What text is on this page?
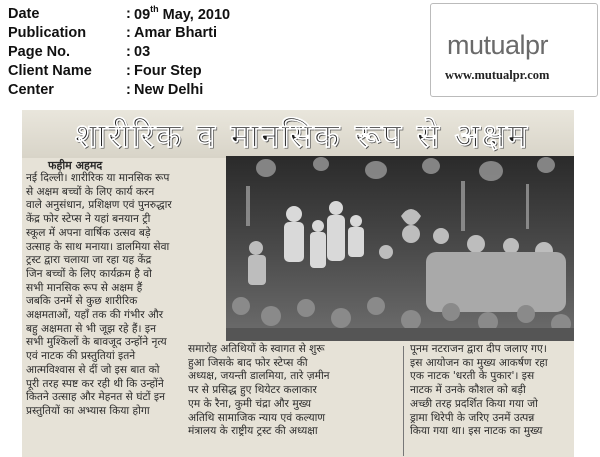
Date	: 09th May, 2010
Publication	: Amar Bharti
Page No.	: 03
Client Name	: Four Step
Center	: New Delhi
mutualpr
www.mutualpr.com
शारीरिक व मानसिक रूप से अक्षम
फहीम अहमद

नई दिल्ली। शारीरिक या मानसिक रूप

से अक्षम बच्चों के लिए कार्य करन

वाले अनुसंधान, प्रशिक्षण एवं पुनरुद्धार

केंद्र फोर स्टेप्स ने यहां बनयान ट्री

स्कूल में अपना वार्षिक उत्सव बड़े

उत्साह के साथ मनाया। डालमिया सेवा

ट्रस्ट द्वारा चलाया जा रहा यह केंद्र

जिन बच्चों के लिए कार्यक्रम है वो

सभी मानसिक रूप से अक्षम हैं

जबकि उनमें से कुछ शारीरिक

अक्षमताओं, यहाँ तक की गंभीर और

बहु अक्षमता से भी जूझ रहे हैं। इन

सभी मुश्किलों के बावजूद उन्होंने नृत्य

एवं नाटक की प्रस्तुतियां इतने

आत्मविश्वास से दीं जो इस बात को

पूरी तरह स्पष्ट कर रही थी कि उन्होंने

कितने उत्साह और मेहनत से घंटों इन

प्रस्तुतियों का अभ्यास किया होगा

समारोह अतिथियों के स्वागत से शुरू

हुआ जिसके बाद फोर स्टेप्स की

अध्यक्ष, जयन्ती डालमिया, तारे ज़मीन

पर से प्रसिद्ध हुए थियेटर कलाकार

एम के रैना, कुमी चंद्रा और मुख्य

अतिथि सामाजिक न्याय एवं कल्याण

मंत्रालय के राष्ट्रीय ट्रस्ट की अध्यक्षा

पूनम नटराजन द्वारा दीप जलाए गए।

इस आयोजन का मुख्य आकर्षण रहा

एक नाटक 'धरती के पुकार'। इस

नाटक में उनके कौशल को बड़ी

अच्छी तरह प्रदर्शित किया गया जो

ड्रामा थिरेपी के जरिए उनमें उत्पन्न

किया गया था। इस नाटक का मुख्य
